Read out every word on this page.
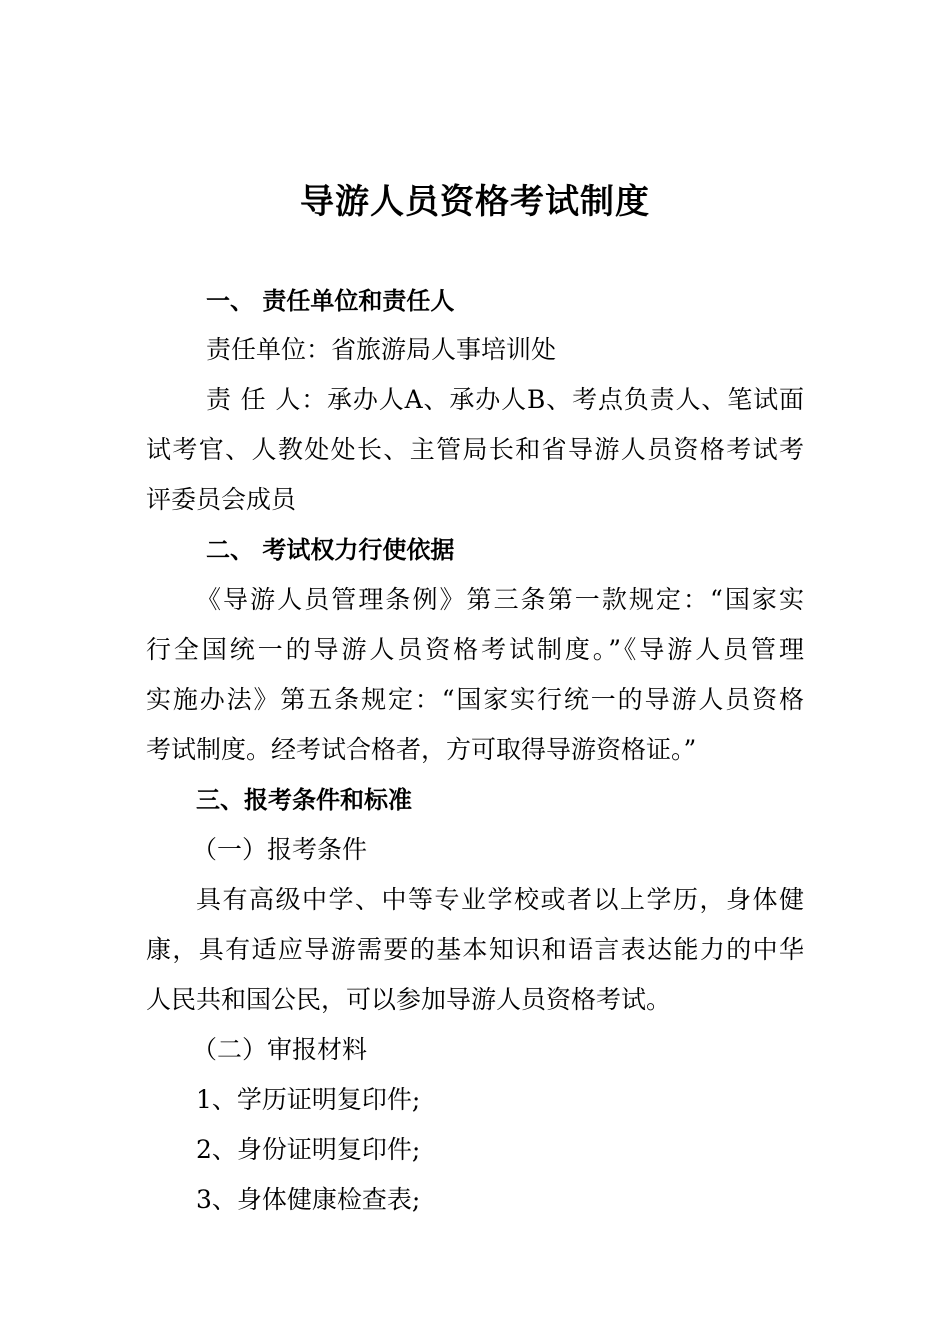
导游人员资格考试制度
一、 责任单位和责任人
责任单位：省旅游局人事培训处
责 任 人：承办人A、承办人B、考点负责人、笔试面
试考官、人教处处长、主管局长和省导游人员资格考试考
评委员会成员
二、 考试权力行使依据
《导游人员管理条例》第三条第一款规定：“国家实
行全国统一的导游人员资格考试制度。”《导游人员管理
实施办法》第五条规定：“国家实行统一的导游人员资格
考试制度。经考试合格者，方可取得导游资格证。”
三、报考条件和标准
（一）报考条件
具有高级中学、中等专业学校或者以上学历，身体健
康，具有适应导游需要的基本知识和语言表达能力的中华
人民共和国公民，可以参加导游人员资格考试。
（二）审报材料
1、学历证明复印件;
2、身份证明复印件;
3、身体健康检查表;
